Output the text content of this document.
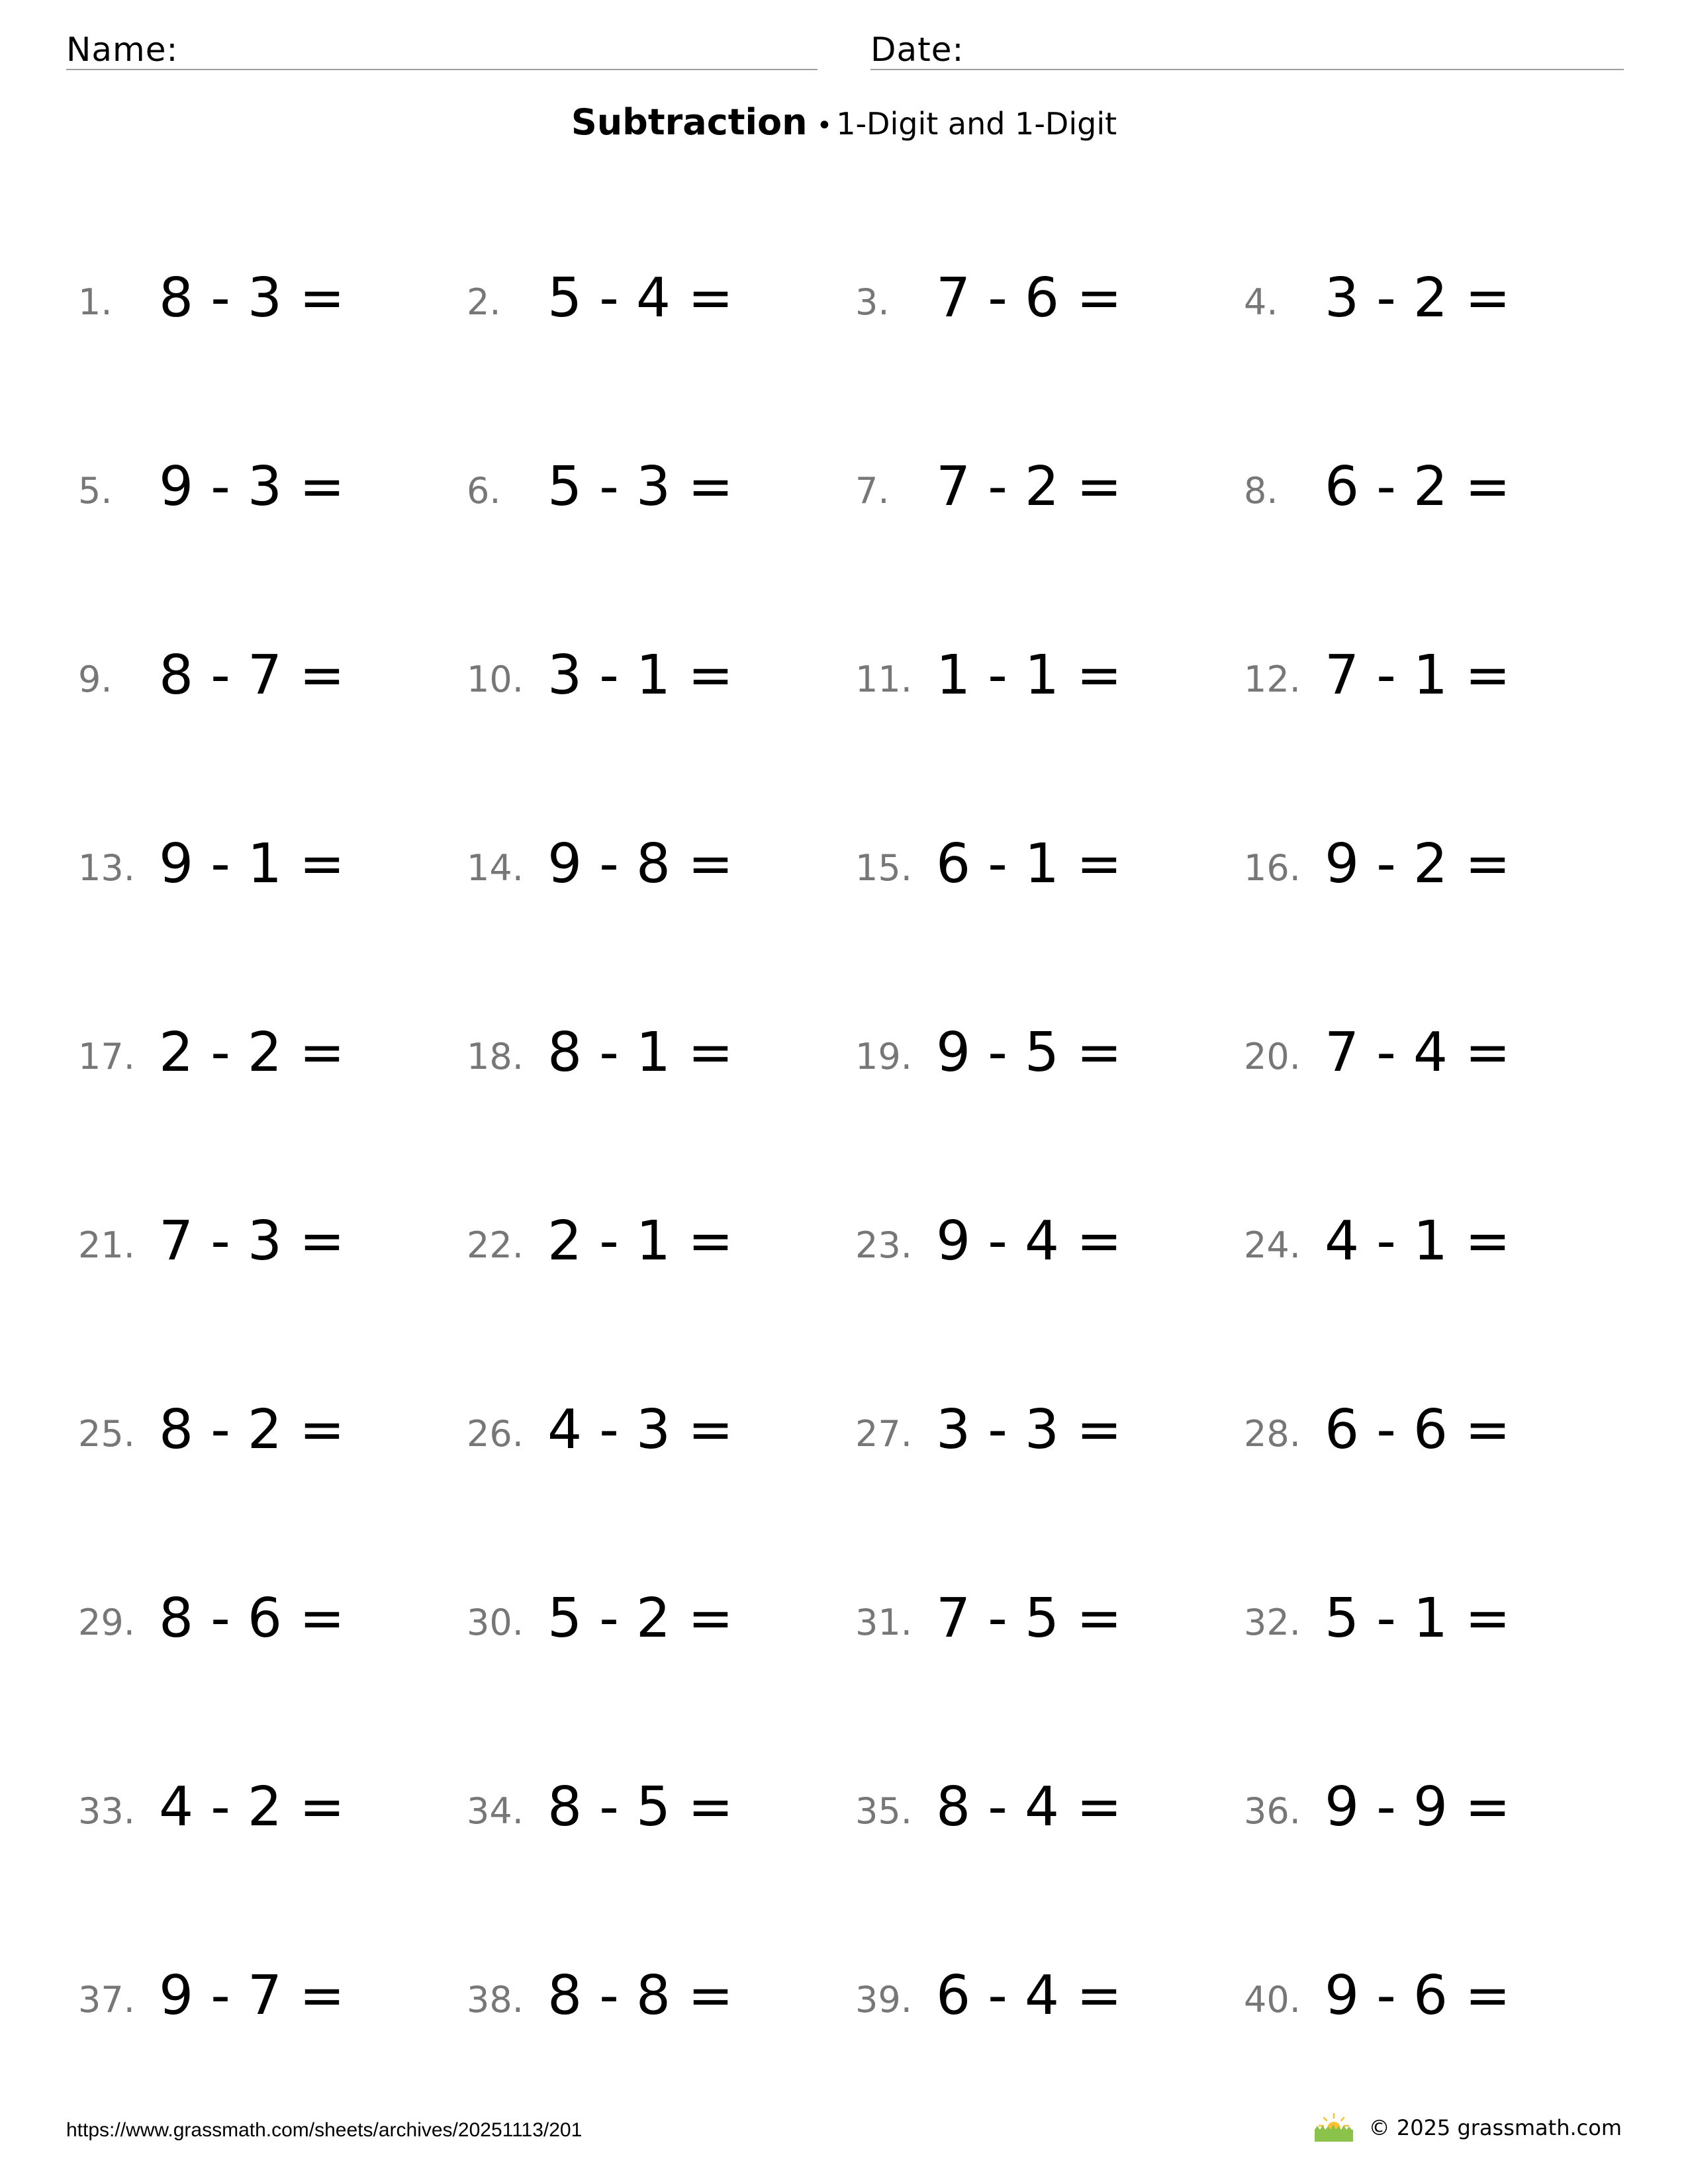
Name:	Date:
Subtraction • 1-Digit and 1-Digit
1. 8 - 3 =	2. 5 - 4 =	3. 7 - 6 =	4. 3 - 2 =
5. 9 - 3 =	6. 5 - 3 =	7. 7 - 2 =	8. 6 - 2 =
9. 8 - 7 =	10. 3 - 1 =	11. 1 - 1 =	12. 7 - 1 =
13. 9 - 1 =	14. 9 - 8 =	15. 6 - 1 =	16. 9 - 2 =
17. 2 - 2 =	18. 8 - 1 =	19. 9 - 5 =	20. 7 - 4 =
21. 7 - 3 =	22. 2 - 1 =	23. 9 - 4 =	24. 4 - 1 =
25. 8 - 2 =	26. 4 - 3 =	27. 3 - 3 =	28. 6 - 6 =
29. 8 - 6 =	30. 5 - 2 =	31. 7 - 5 =	32. 5 - 1 =
33. 4 - 2 =	34. 8 - 5 =	35. 8 - 4 =	36. 9 - 9 =
37. 9 - 7 =	38. 8 - 8 =	39. 6 - 4 =	40. 9 - 6 =
https://www.grassmath.com/sheets/archives/20251113/201	© 2025 grassmath.com
